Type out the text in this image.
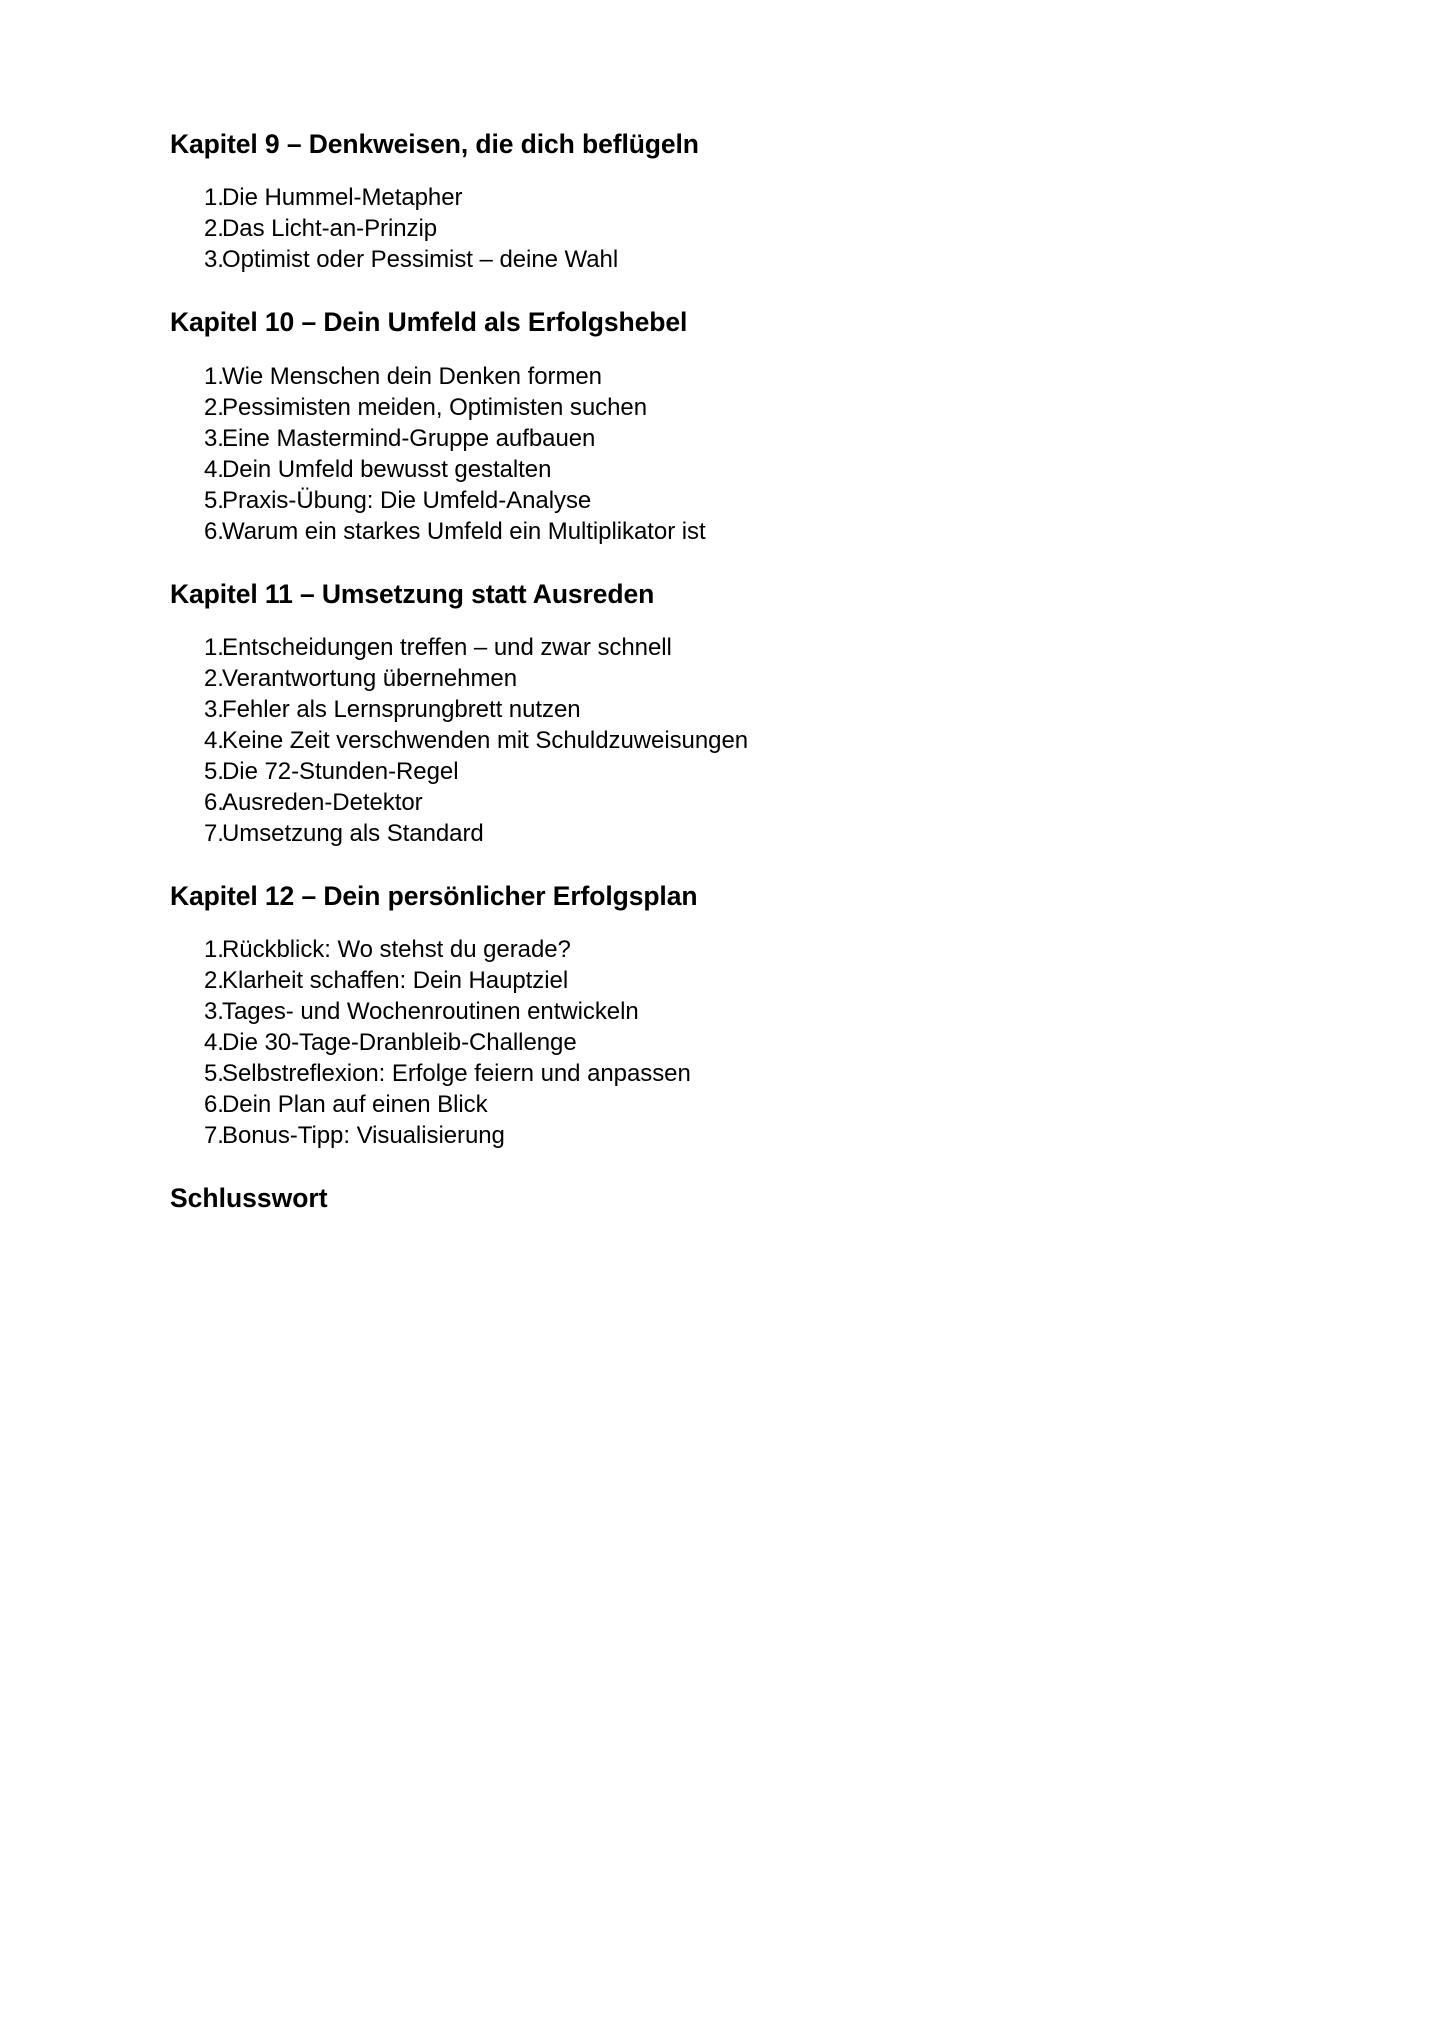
Kapitel 9 – Denkweisen, die dich beflügeln
1.
Die Hummel-Metapher
2.
Das Licht-an-Prinzip
3.
Optimist oder Pessimist – deine Wahl
Kapitel 10 – Dein Umfeld als Erfolgshebel
1.
Wie Menschen dein Denken formen
2.
Pessimisten meiden, Optimisten suchen
3.
Eine Mastermind-Gruppe aufbauen
4.
Dein Umfeld bewusst gestalten
5.
Praxis-Übung: Die Umfeld-Analyse
6.
Warum ein starkes Umfeld ein Multiplikator ist
Kapitel 11 – Umsetzung statt Ausreden
1.
Entscheidungen treffen – und zwar schnell
2.
Verantwortung übernehmen
3.
Fehler als Lernsprungbrett nutzen
4.
Keine Zeit verschwenden mit Schuldzuweisungen
5.
Die 72-Stunden-Regel
6.
Ausreden-Detektor
7.
Umsetzung als Standard
Kapitel 12 – Dein persönlicher Erfolgsplan
1.
Rückblick: Wo stehst du gerade?
2.
Klarheit schaffen: Dein Hauptziel
3.
Tages- und Wochenroutinen entwickeln
4.
Die 30-Tage-Dranbleib-Challenge
5.
Selbstreflexion: Erfolge feiern und anpassen
6.
Dein Plan auf einen Blick
7.
Bonus-Tipp: Visualisierung
Schlusswort
